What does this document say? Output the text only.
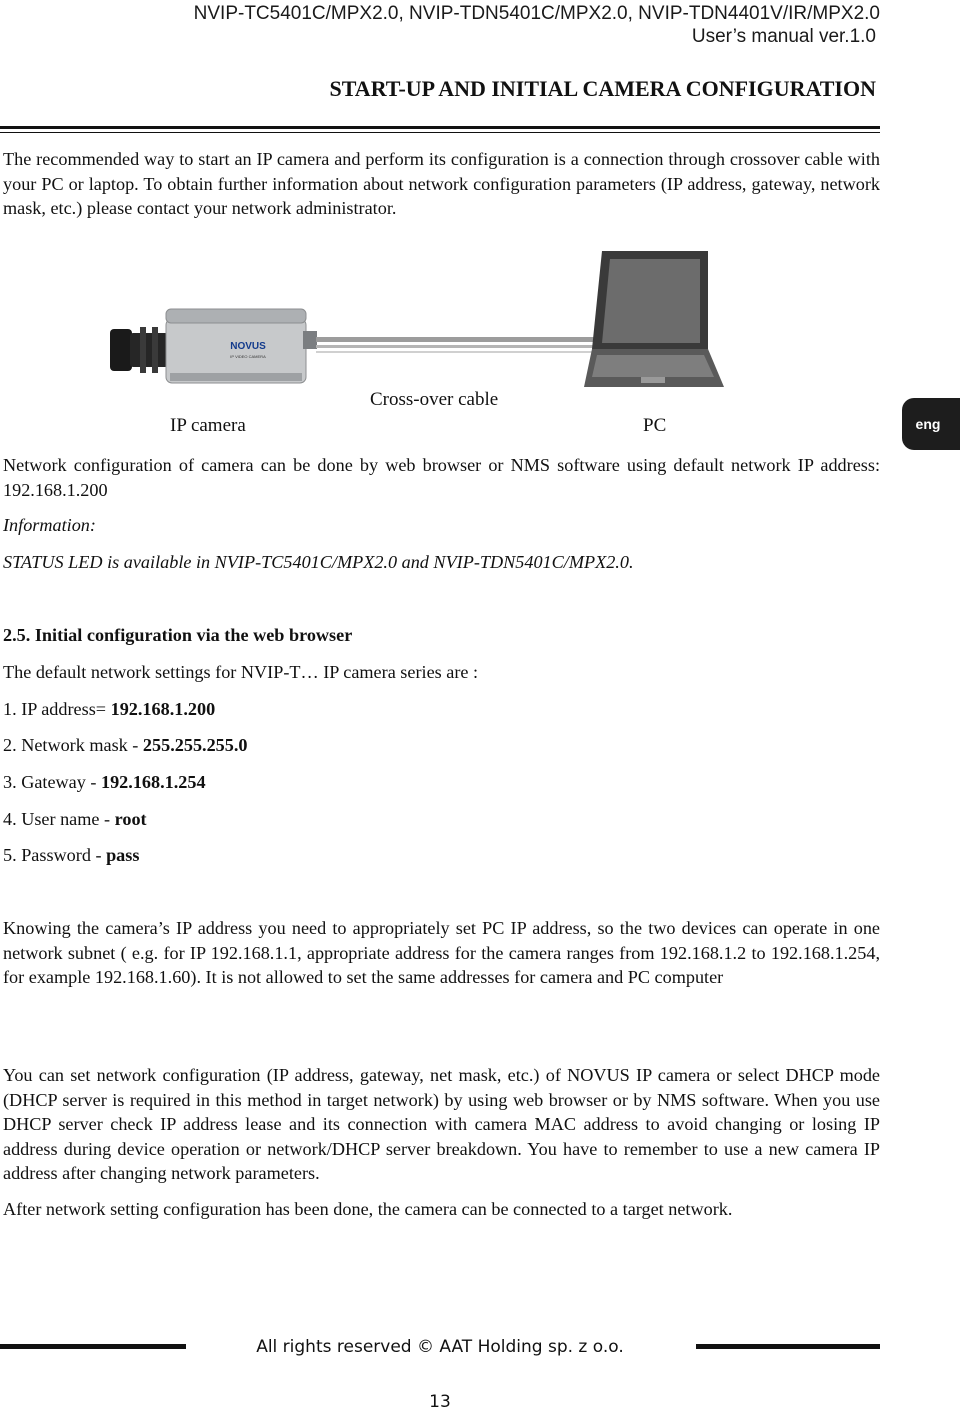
NVIP-TC5401C/MPX2.0, NVIP-TDN5401C/MPX2.0, NVIP-TDN4401V/IR/MPX2.0
User’s manual ver.1.0
START-UP AND INITIAL CAMERA CONFIGURATION
The recommended way to start an IP camera and perform its configuration is a connection through crossover cable with your PC or laptop. To obtain further information about network configuration parameters (IP address, gateway, network mask, etc.) please contact your network administrator.
NOVUS
IP VIDEO CAMERA
Cross-over cable
IP camera	PC	eng
Network configuration of camera can be done by web browser or NMS software using default network IP address: 192.168.1.200
Information:
STATUS LED is available in NVIP-TC5401C/MPX2.0 and NVIP-TDN5401C/MPX2.0.
2.5. Initial configuration via the web browser
The default network settings for NVIP-T… IP camera series are :
1. IP address= 192.168.1.200
2. Network mask - 255.255.255.0
3. Gateway - 192.168.1.254
4. User name - root
5. Password - pass
Knowing the camera’s IP address you need to appropriately set PC IP address, so the two devices can operate in one network subnet ( e.g. for IP 192.168.1.1, appropriate address for the camera ranges from 192.168.1.2 to 192.168.1.254, for example 192.168.1.60). It is not allowed to set the same addresses for camera and PC computer
You can set network configuration (IP address, gateway, net mask, etc.) of NOVUS IP camera or select DHCP mode (DHCP server is required in this method in target network) by using web browser or by NMS software. When you use DHCP server check IP address lease and its connection with camera MAC address to avoid changing or losing IP address during device operation or network/DHCP server breakdown. You have to remember to use a new camera IP address after changing network parameters.
After network setting configuration has been done, the camera can be connected to a target network.
All rights reserved © AAT Holding sp. z o.o.
13
